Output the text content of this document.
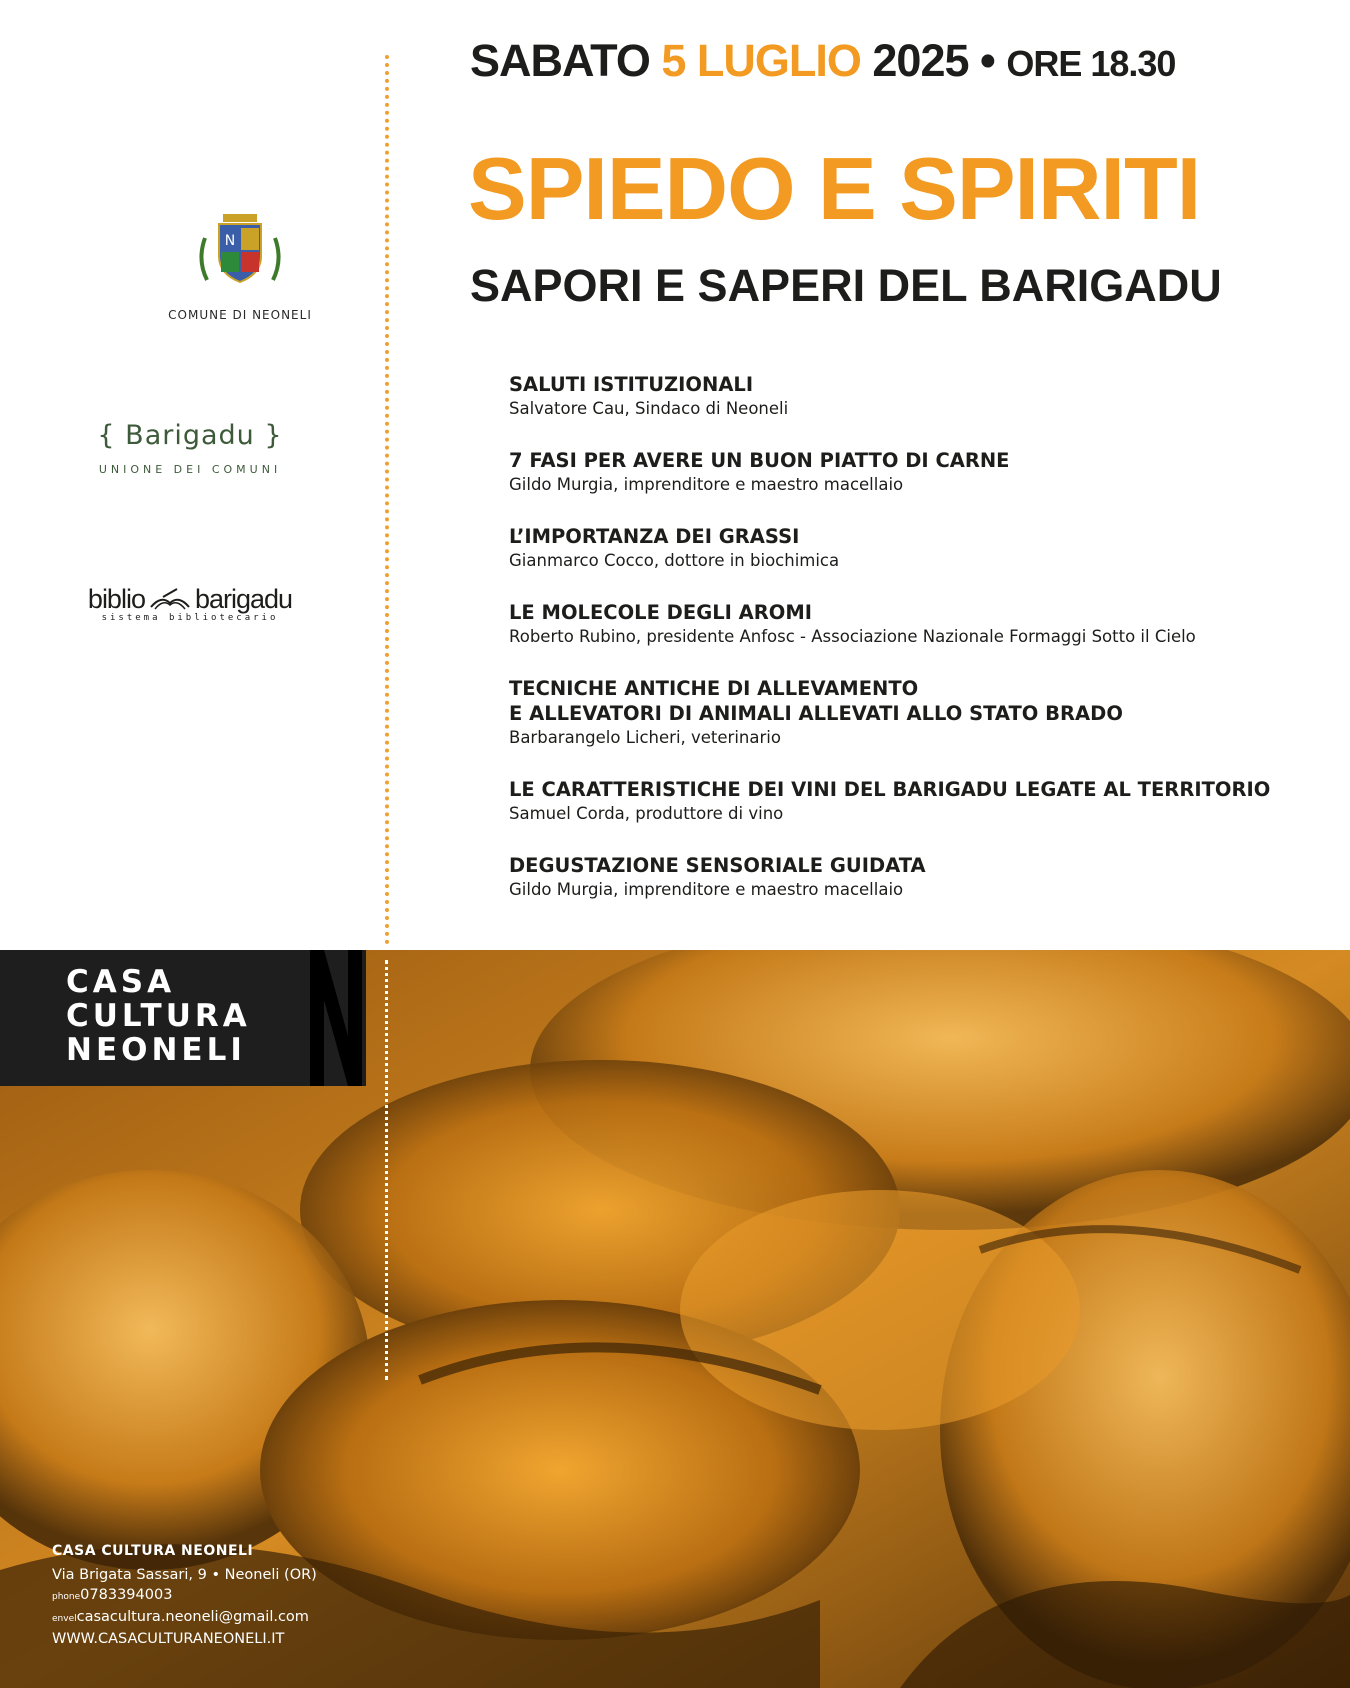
N
COMUNE DI NEONELI
{ Barigadu }
UNIONE DEI COMUNI
biblio barigadu
sistema bibliotecario
SABATO 5 LUGLIO 2025 • ORE 18.30
SPIEDO E SPIRITI
SAPORI E SAPERI DEL BARIGADU
SALUTI ISTITUZIONALI
Salvatore Cau, Sindaco di Neoneli
7 FASI PER AVERE UN BUON PIATTO DI CARNE
Gildo Murgia, imprenditore e maestro macellaio
L’IMPORTANZA DEI GRASSI
Gianmarco Cocco, dottore in biochimica
LE MOLECOLE DEGLI AROMI
Roberto Rubino, presidente Anfosc - Associazione Nazionale Formaggi Sotto il Cielo
TECNICHE ANTICHE DI ALLEVAMENTO
E ALLEVATORI DI ANIMALI ALLEVATI ALLO STATO BRADO
Barbarangelo Licheri, veterinario
LE CARATTERISTICHE DEI VINI DEL BARIGADU LEGATE AL TERRITORIO
Samuel Corda, produttore di vino
DEGUSTAZIONE SENSORIALE GUIDATA
Gildo Murgia, imprenditore e maestro macellaio
CASA
CULTURA
NEONELI
CASA CULTURA NEONELI
Via Brigata Sassari, 9 • Neoneli (OR)
phone0783394003
envelcasacultura.neoneli@gmail.com
WWW.CASACULTURANEONELI.IT
